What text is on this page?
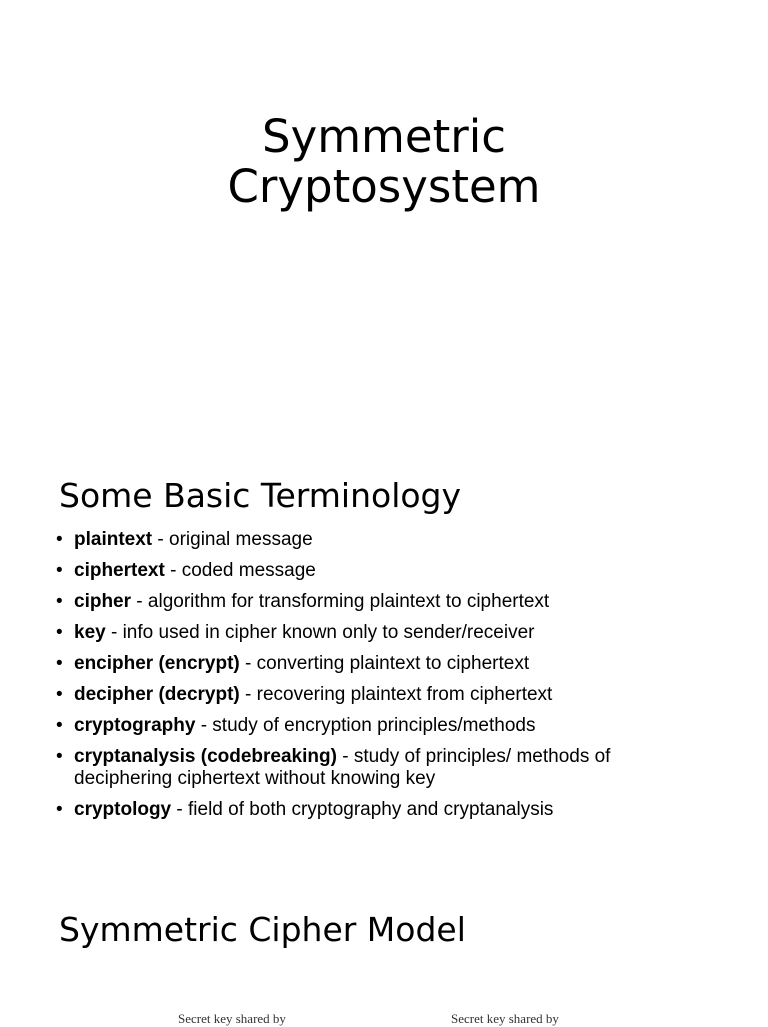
Symmetric
Cryptosystem
Some Basic Terminology
• plaintext - original message
• ciphertext - coded message
• cipher - algorithm for transforming plaintext to ciphertext
• key - info used in cipher known only to sender/receiver
• encipher (encrypt) - converting plaintext to ciphertext
• decipher (decrypt) - recovering plaintext from ciphertext
• cryptography - study of encryption principles/methods
• cryptanalysis (codebreaking) - study of principles/ methods of deciphering ciphertext without knowing key
• cryptology - field of both cryptography and cryptanalysis
Symmetric Cipher Model
Secret key shared by	Secret key shared by
